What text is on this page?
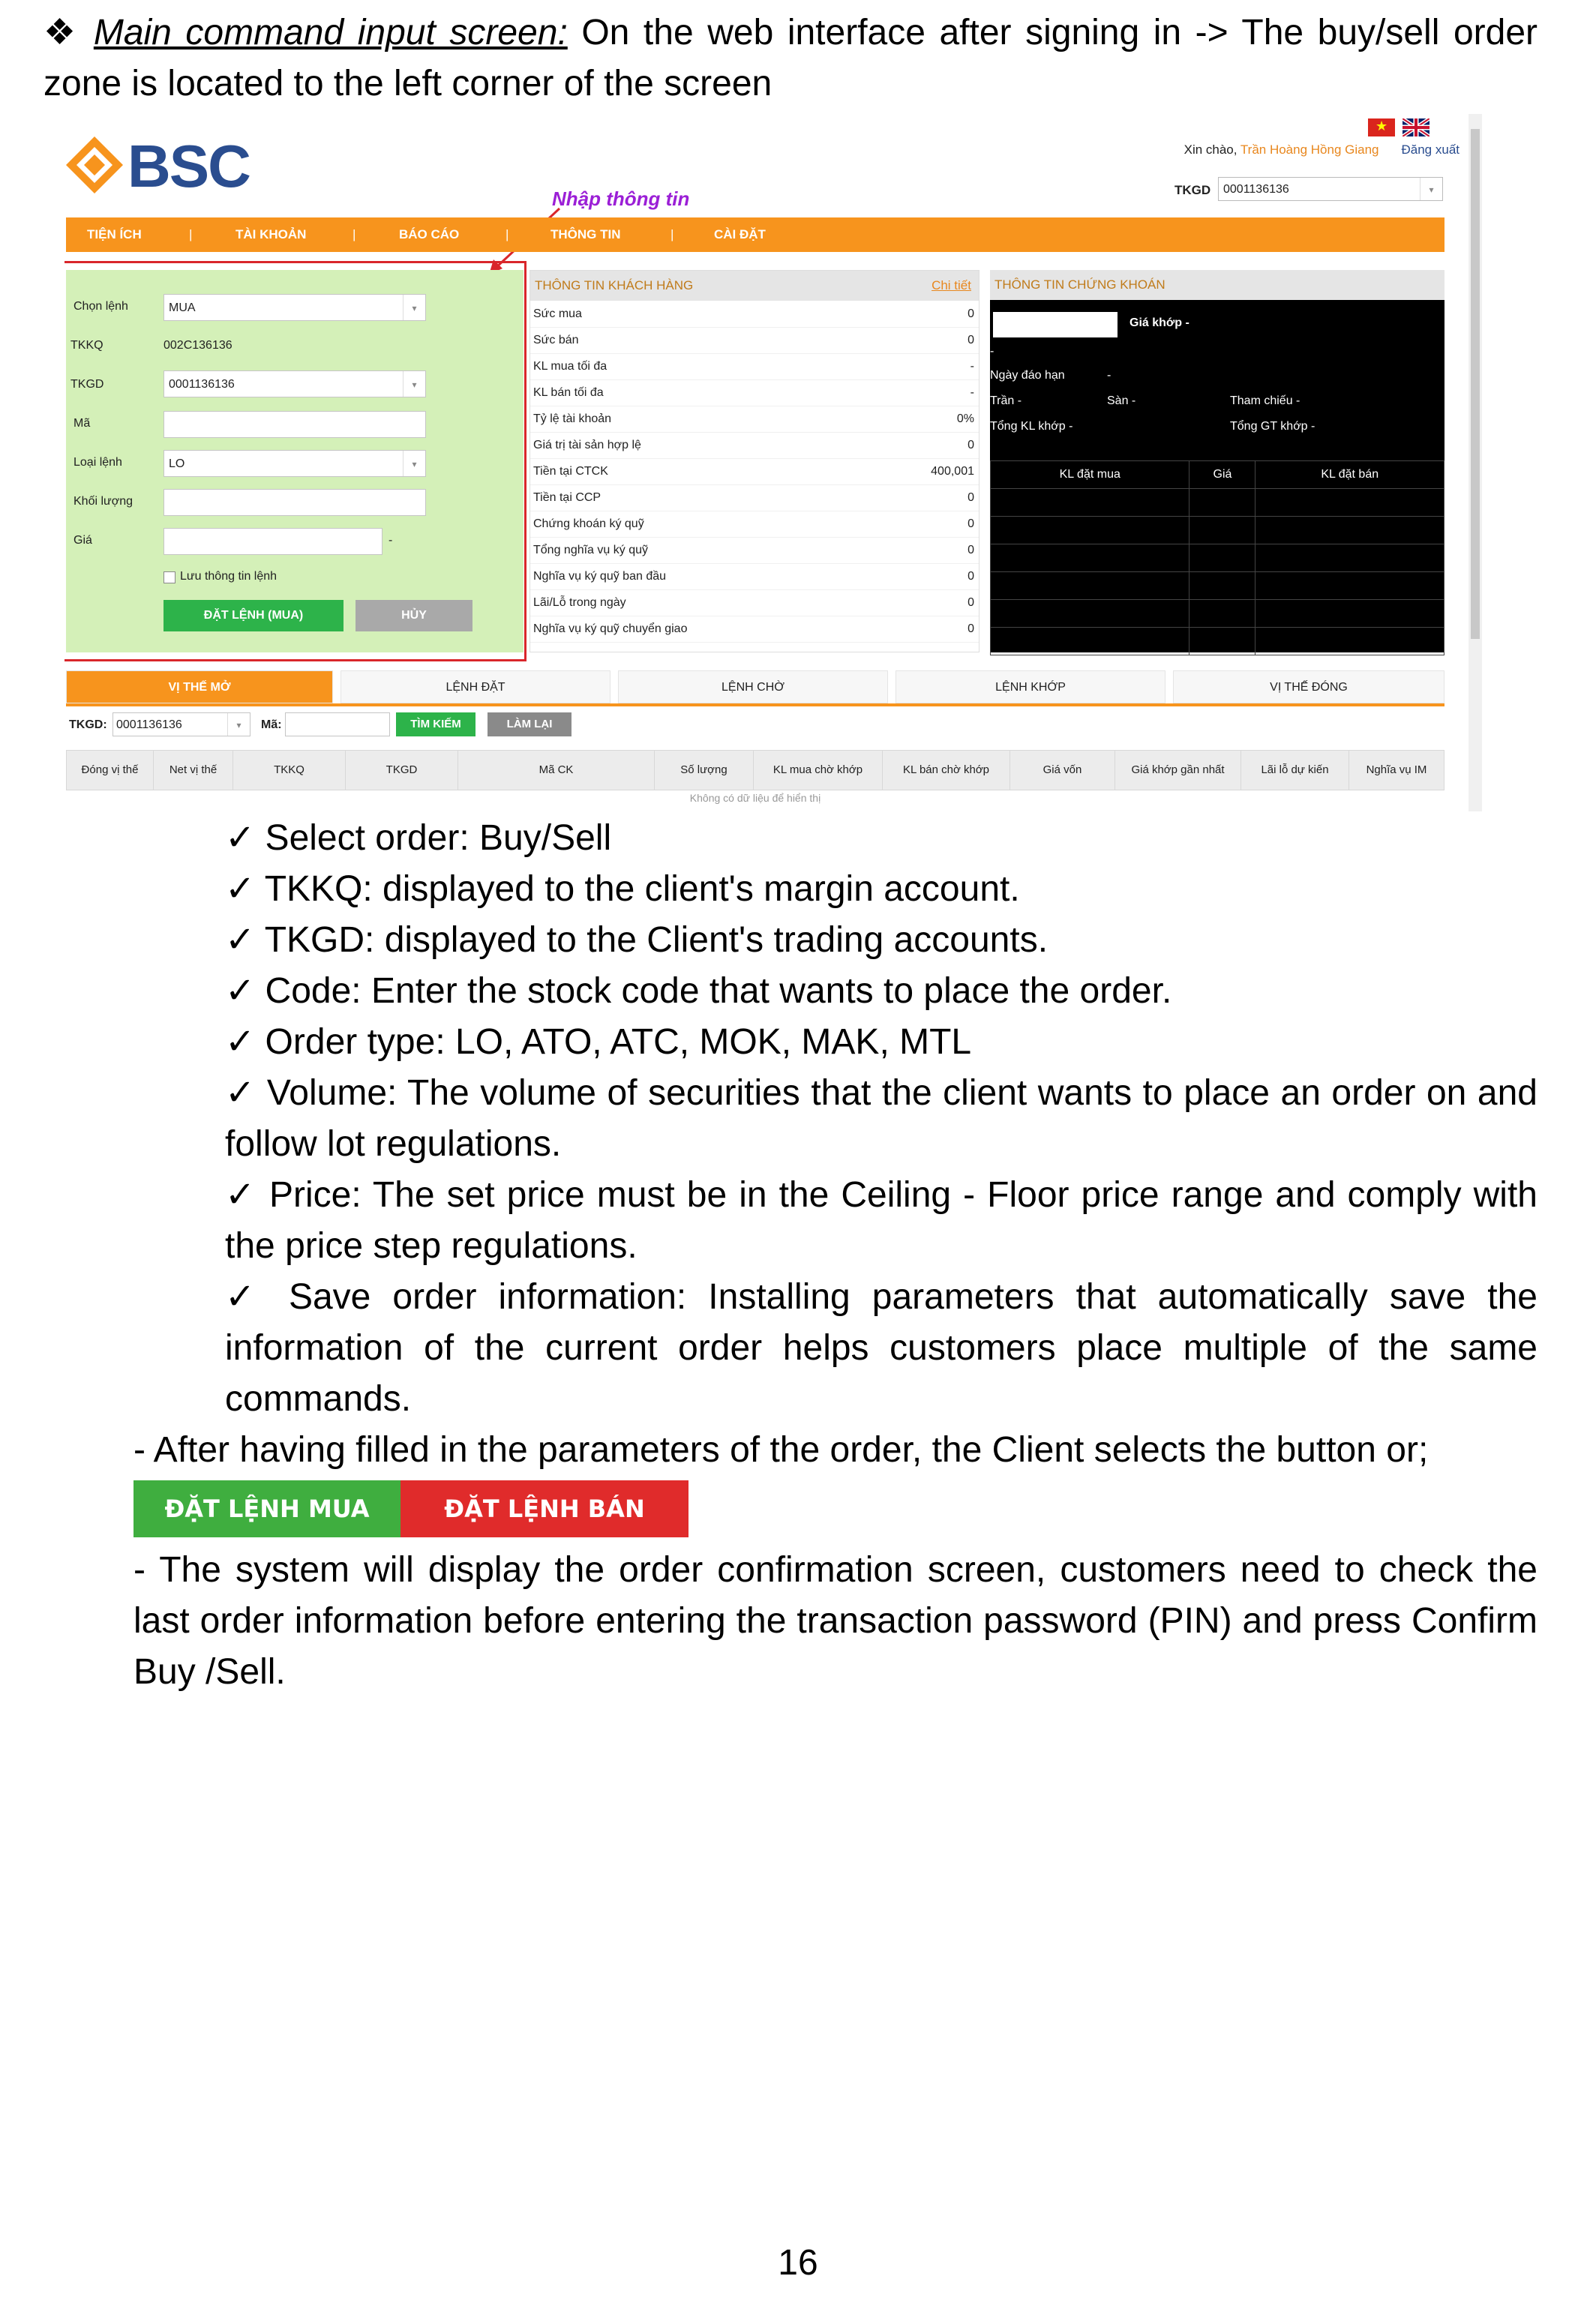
❖ Main command input screen: On the web interface after signing in -> The buy/sell order zone is located to the left corner of the screen

BSC
★	Xin chào, Trần Hoàng Hồng Giang Đăng xuất
TKGD	0001136136	▾
Nhập thông tin
TIỆN ÍCH	|	TÀI KHOẢN	|	BÁO CÁO	|	THÔNG TIN	|	CÀI ĐẶT
Chọn lệnh	MUA	▾
TKKQ	002C136136
TKGD	0001136136	▾
Mã
Loại lệnh	LO	▾
Khối lượng
Giá	-
Lưu thông tin lệnh
ĐẶT LỆNH (MUA)	HỦY
THÔNG TIN KHÁCH HÀNG	Chi tiết
Sức mua	0
Sức bán	0
KL mua tối đa	-
KL bán tối đa	-
Tỷ lệ tài khoản	0%
Giá trị tài sản hợp lệ	0
Tiền tại CTCK	400,001
Tiền tại CCP	0
Chứng khoán ký quỹ	0
Tổng nghĩa vụ ký quỹ	0
Nghĩa vụ ký quỹ ban đầu	0
Lãi/Lỗ trong ngày	0
Nghĩa vụ ký quỹ chuyển giao	0
THÔNG TIN CHỨNG KHOÁN
Giá khớp -
-
Ngày đáo hạn	-
Trần -	Sàn -	Tham chiếu -
Tổng KL khớp -	Tổng GT khớp -
KL đặt mua	Giá	KL đặt bán

VỊ THẾ MỞ	LỆNH ĐẶT	LỆNH CHỜ	LỆNH KHỚP	VỊ THẾ ĐÓNG
TKGD: 0001136136	▾	Mã:	TÌM KIẾM	LÀM LẠI
Đóng vị thế	Net vị thế	TKKQ	TKGD	Mã CK	Số lượng	KL mua chờ khớp	KL bán chờ khớp	Giá vốn	Giá khớp gần nhất	Lãi lỗ dự kiến	Nghĩa vụ IM
Không có dữ liệu để hiển thị

✓ Select order: Buy/Sell

✓ TKKQ: displayed to the client's margin account.

✓ TKGD: displayed to the Client's trading accounts.

✓ Code: Enter the stock code that wants to place the order.

✓ Order type: LO, ATO, ATC, MOK, MAK, MTL

✓ Volume: The volume of securities that the client wants to place an order on and follow lot regulations.

✓ Price: The set price must be in the Ceiling - Floor price range and comply with the price step regulations.

✓ Save order information: Installing parameters that automatically save the information of the current order helps customers place multiple of the same commands.

- After having filled in the parameters of the order, the Client selects the button or;

ĐẶT LỆNH MUA	ĐẶT LỆNH BÁN

- The system will display the order confirmation screen, customers need to check the last order information before entering the transaction password (PIN) and press Confirm Buy /Sell.

16
